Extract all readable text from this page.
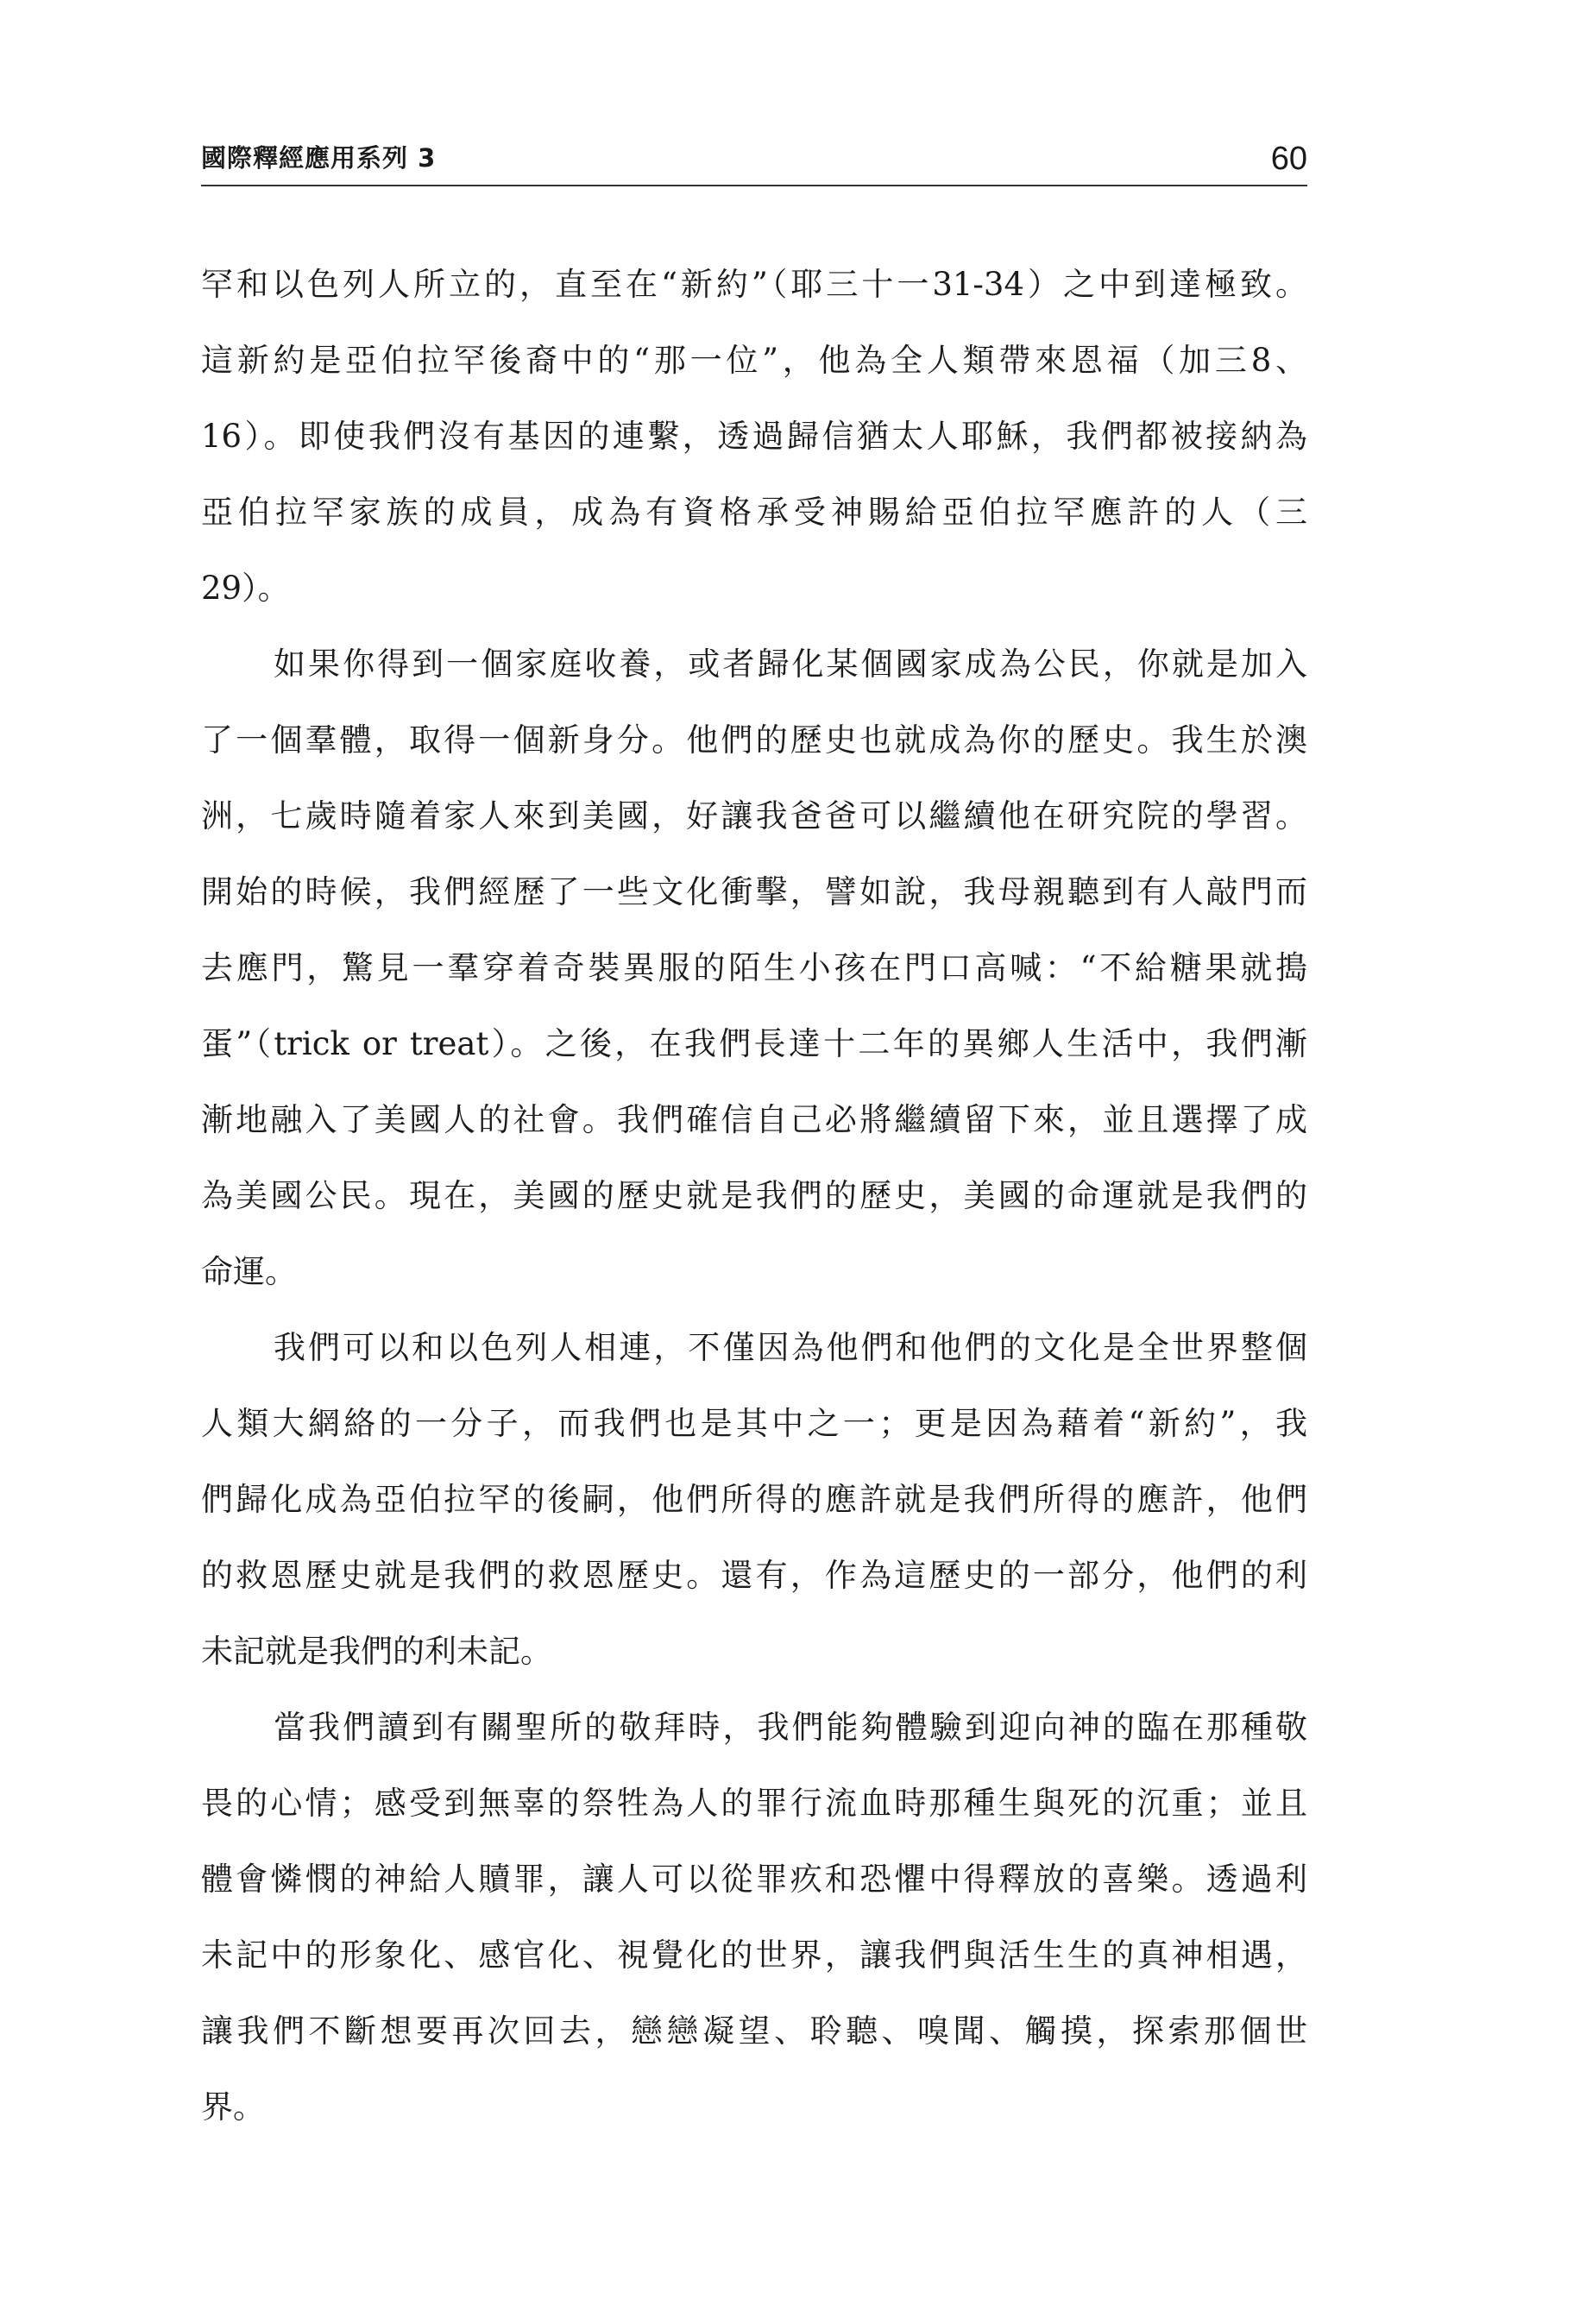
國際釋經應用系列 3	60
罕和以色列人所立的，直至在“新約”（耶三十一31-34）之中到達極致。
這新約是亞伯拉罕後裔中的“那一位”，他為全人類帶來恩福（加三8、
16）。即使我們沒有基因的連繫，透過歸信猶太人耶穌，我們都被接納為
亞伯拉罕家族的成員，成為有資格承受神賜給亞伯拉罕應許的人（三
29）。
如果你得到一個家庭收養，或者歸化某個國家成為公民，你就是加入
了一個羣體，取得一個新身分。他們的歷史也就成為你的歷史。我生於澳
洲，七歲時隨着家人來到美國，好讓我爸爸可以繼續他在研究院的學習。
開始的時候，我們經歷了一些文化衝擊，譬如說，我母親聽到有人敲門而
去應門，驚見一羣穿着奇裝異服的陌生小孩在門口高喊：“不給糖果就搗
蛋”（trick or treat）。之後，在我們長達十二年的異鄉人生活中，我們漸
漸地融入了美國人的社會。我們確信自己必將繼續留下來，並且選擇了成
為美國公民。現在，美國的歷史就是我們的歷史，美國的命運就是我們的
命運。
我們可以和以色列人相連，不僅因為他們和他們的文化是全世界整個
人類大網絡的一分子，而我們也是其中之一；更是因為藉着“新約”，我
們歸化成為亞伯拉罕的後嗣，他們所得的應許就是我們所得的應許，他們
的救恩歷史就是我們的救恩歷史。還有，作為這歷史的一部分，他們的利
未記就是我們的利未記。
當我們讀到有關聖所的敬拜時，我們能夠體驗到迎向神的臨在那種敬
畏的心情；感受到無辜的祭牲為人的罪行流血時那種生與死的沉重；並且
體會憐憫的神給人贖罪，讓人可以從罪疚和恐懼中得釋放的喜樂。透過利
未記中的形象化、感官化、視覺化的世界，讓我們與活生生的真神相遇，
讓我們不斷想要再次回去，戀戀凝望、聆聽、嗅聞、觸摸，探索那個世
界。
